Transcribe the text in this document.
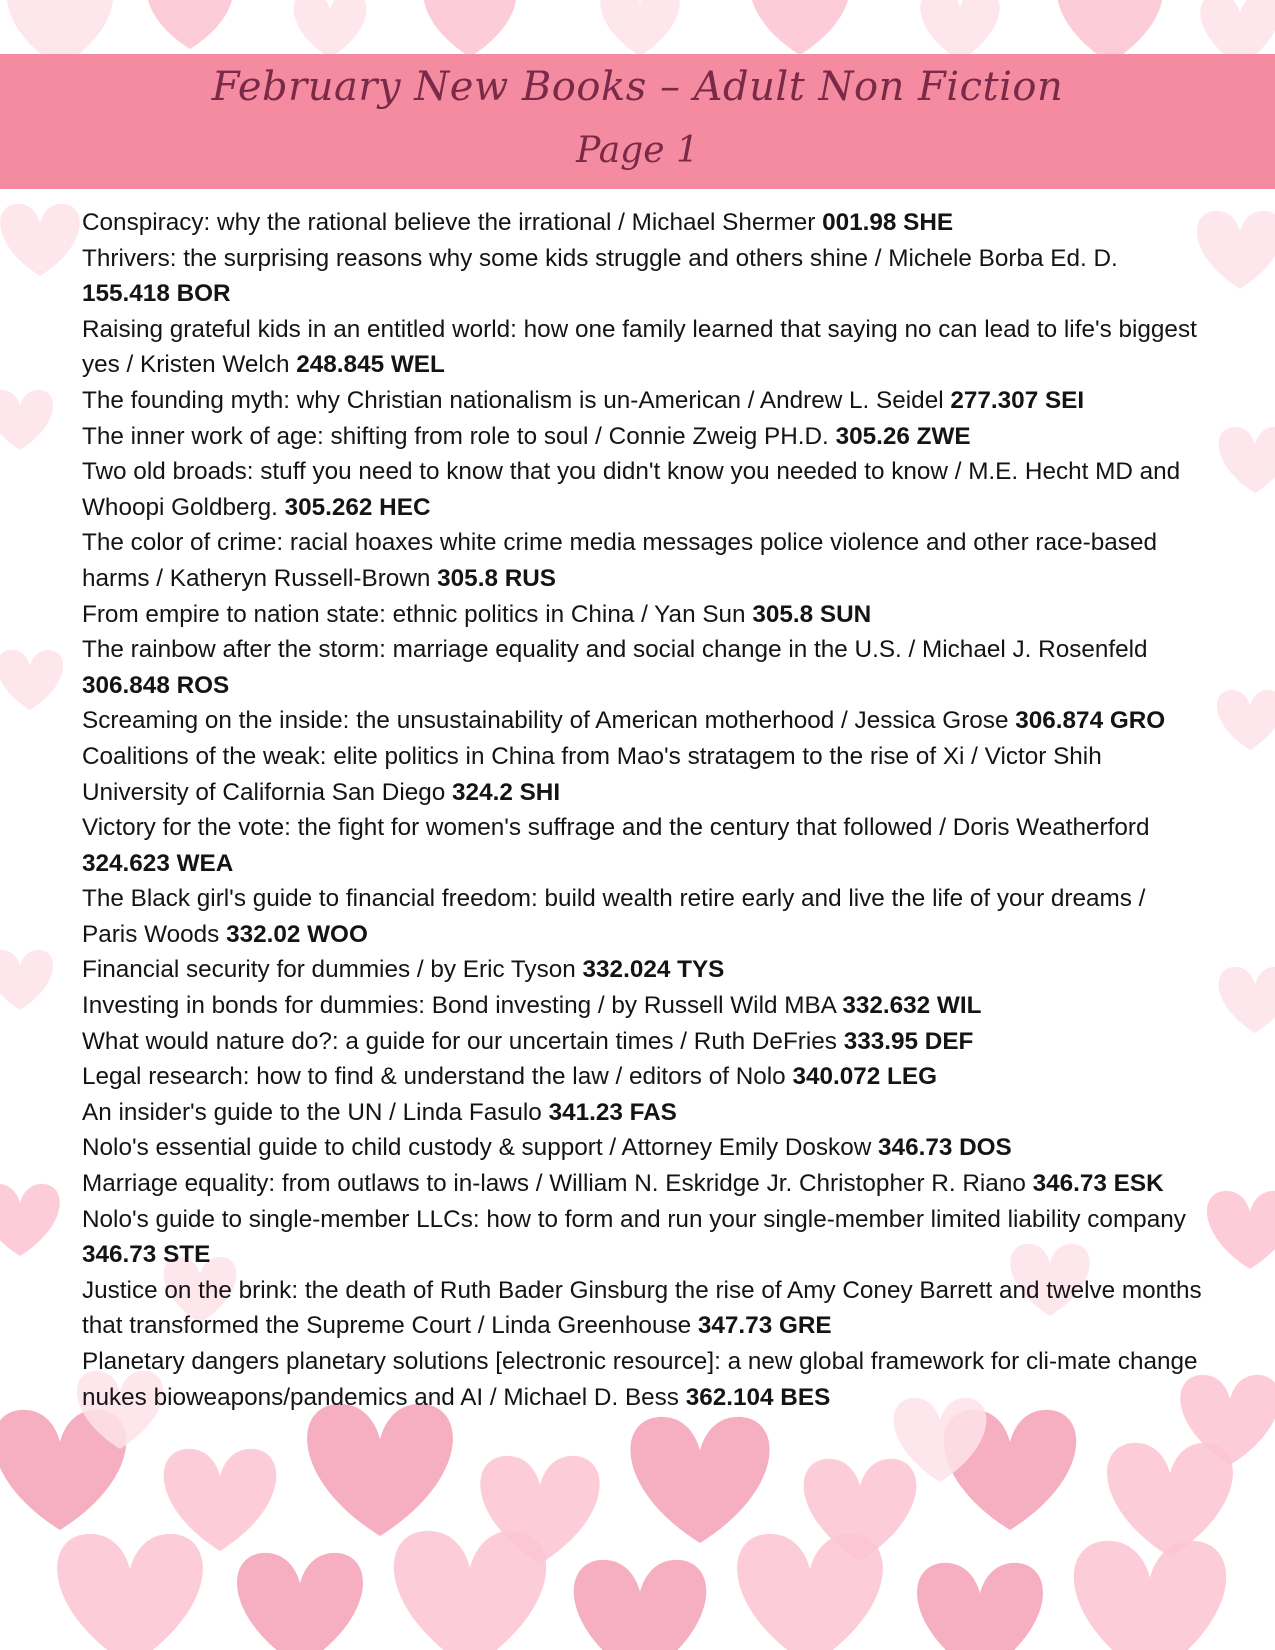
February New Books – Adult Non Fiction
Page 1

Conspiracy: why the rational believe the irrational / Michael Shermer 001.98 SHE

Thrivers: the surprising reasons why some kids struggle and others shine / Michele Borba Ed. D. 155.418 BOR

Raising grateful kids in an entitled world: how one family learned that saying no can lead to life's biggest yes / Kristen Welch 248.845 WEL

The founding myth: why Christian nationalism is un-American / Andrew L. Seidel 277.307 SEI

The inner work of age: shifting from role to soul / Connie Zweig PH.D. 305.26 ZWE

Two old broads: stuff you need to know that you didn't know you needed to know / M.E. Hecht MD and Whoopi Goldberg. 305.262 HEC

The color of crime: racial hoaxes white crime media messages police violence and other race-based harms / Katheryn Russell-Brown 305.8 RUS

From empire to nation state: ethnic politics in China / Yan Sun 305.8 SUN

The rainbow after the storm: marriage equality and social change in the U.S. / Michael J. Rosenfeld 306.848 ROS

Screaming on the inside: the unsustainability of American motherhood / Jessica Grose 306.874 GRO

Coalitions of the weak: elite politics in China from Mao's stratagem to the rise of Xi / Victor Shih University of California San Diego 324.2 SHI

Victory for the vote: the fight for women's suffrage and the century that followed / Doris Weatherford 324.623 WEA

The Black girl's guide to financial freedom: build wealth retire early and live the life of your dreams / Paris Woods 332.02 WOO

Financial security for dummies / by Eric Tyson 332.024 TYS

Investing in bonds for dummies: Bond investing / by Russell Wild MBA 332.632 WIL

What would nature do?: a guide for our uncertain times / Ruth DeFries 333.95 DEF

Legal research: how to find & understand the law / editors of Nolo 340.072 LEG

An insider's guide to the UN / Linda Fasulo 341.23 FAS

Nolo's essential guide to child custody & support / Attorney Emily Doskow 346.73 DOS

Marriage equality: from outlaws to in-laws / William N. Eskridge Jr. Christopher R. Riano 346.73 ESK

Nolo's guide to single-member LLCs: how to form and run your single-member limited liability company 346.73 STE

Justice on the brink: the death of Ruth Bader Ginsburg the rise of Amy Coney Barrett and twelve months that transformed the Supreme Court / Linda Greenhouse 347.73 GRE

Planetary dangers planetary solutions [electronic resource]: a new global framework for cli-mate change nukes bioweapons/pandemics and AI / Michael D. Bess 362.104 BES
